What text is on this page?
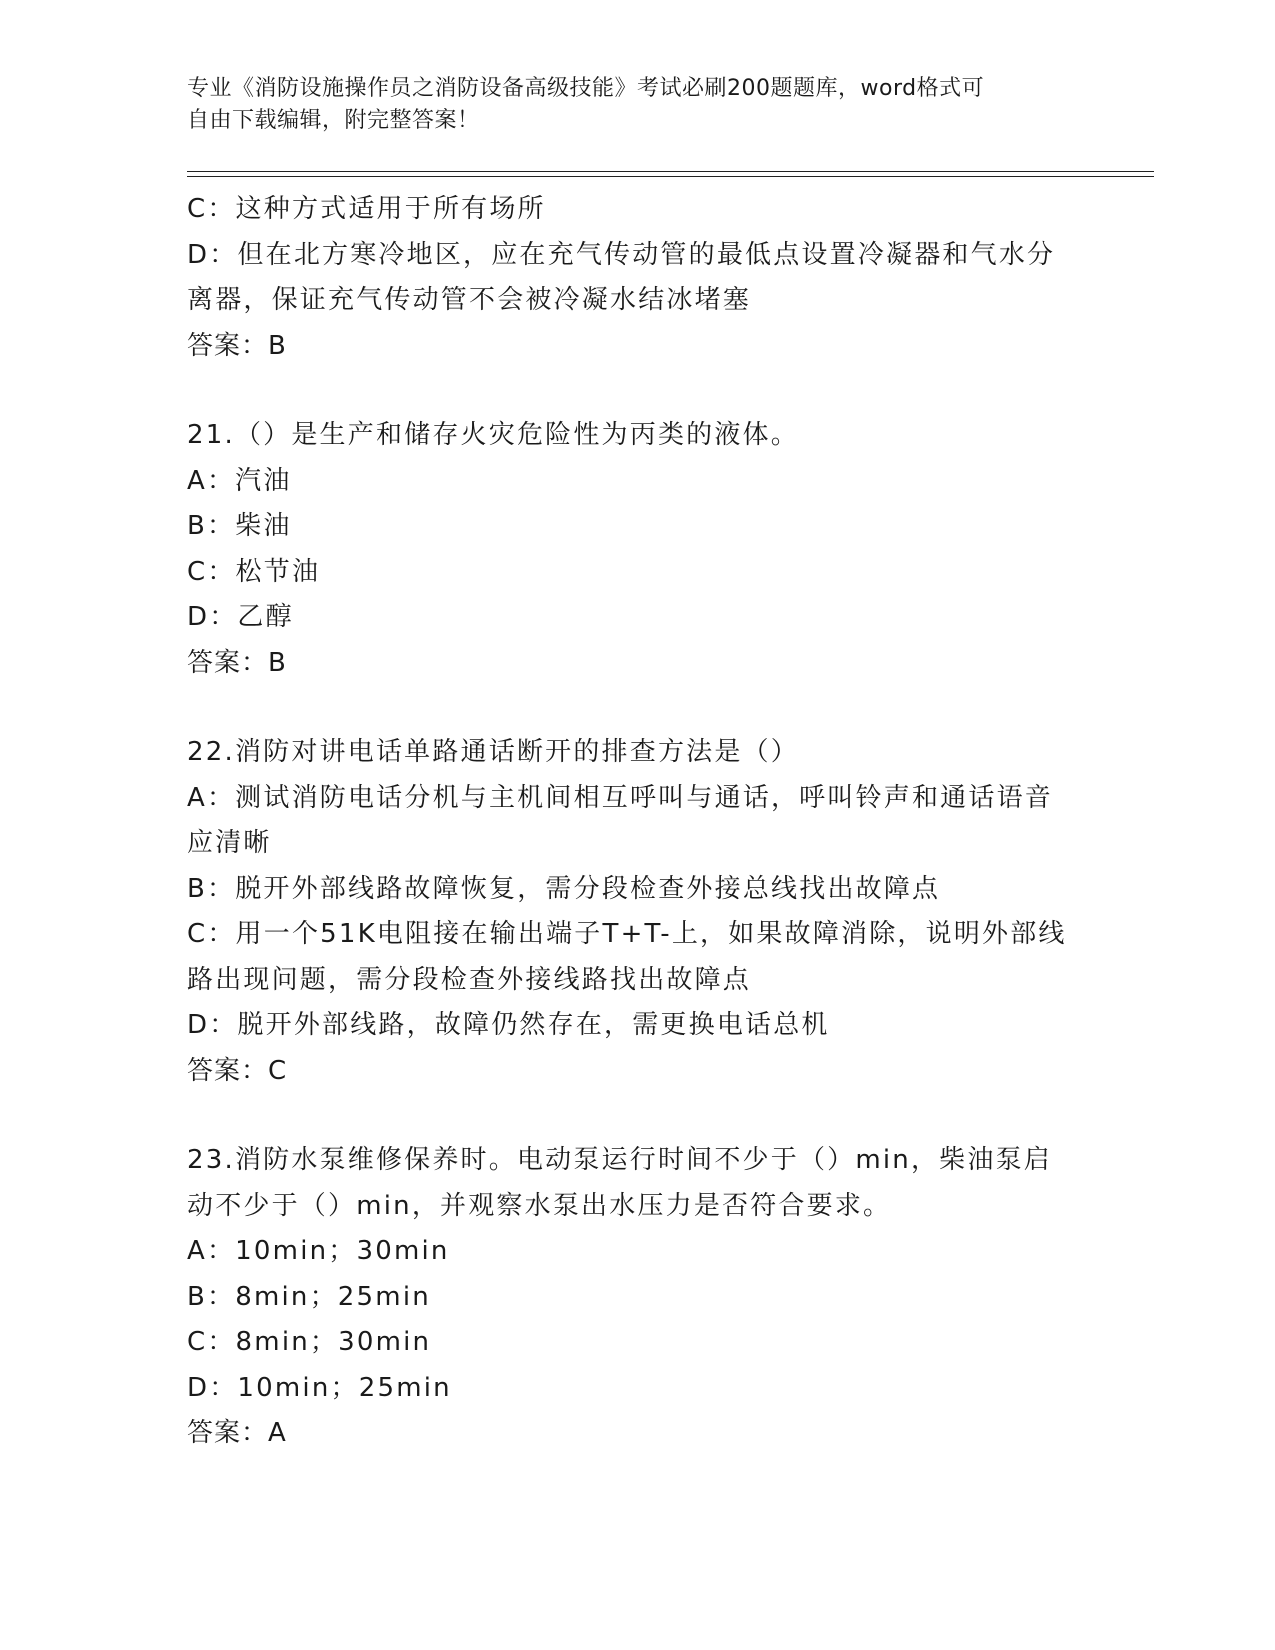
专业《消防设施操作员之消防设备高级技能》考试必刷200题题库，word格式可
自由下载编辑，附完整答案！
C：这种方式适用于所有场所
D：但在北方寒冷地区，应在充气传动管的最低点设置冷凝器和气水分
离器，保证充气传动管不会被冷凝水结冰堵塞
答案：B
21.（）是生产和储存火灾危险性为丙类的液体。
A：汽油
B：柴油
C：松节油
D：乙醇
答案：B
22.消防对讲电话单路通话断开的排查方法是（）
A：测试消防电话分机与主机间相互呼叫与通话，呼叫铃声和通话语音
应清晰
B：脱开外部线路故障恢复，需分段检查外接总线找出故障点
C：用一个51K电阻接在输出端子T+T-上，如果故障消除，说明外部线
路出现问题，需分段检查外接线路找出故障点
D：脱开外部线路，故障仍然存在，需更换电话总机
答案：C
23.消防水泵维修保养时。电动泵运行时间不少于（）min，柴油泵启
动不少于（）min，并观察水泵出水压力是否符合要求。
A：10min；30min
B：8min；25min
C：8min；30min
D：10min；25min
答案：A
